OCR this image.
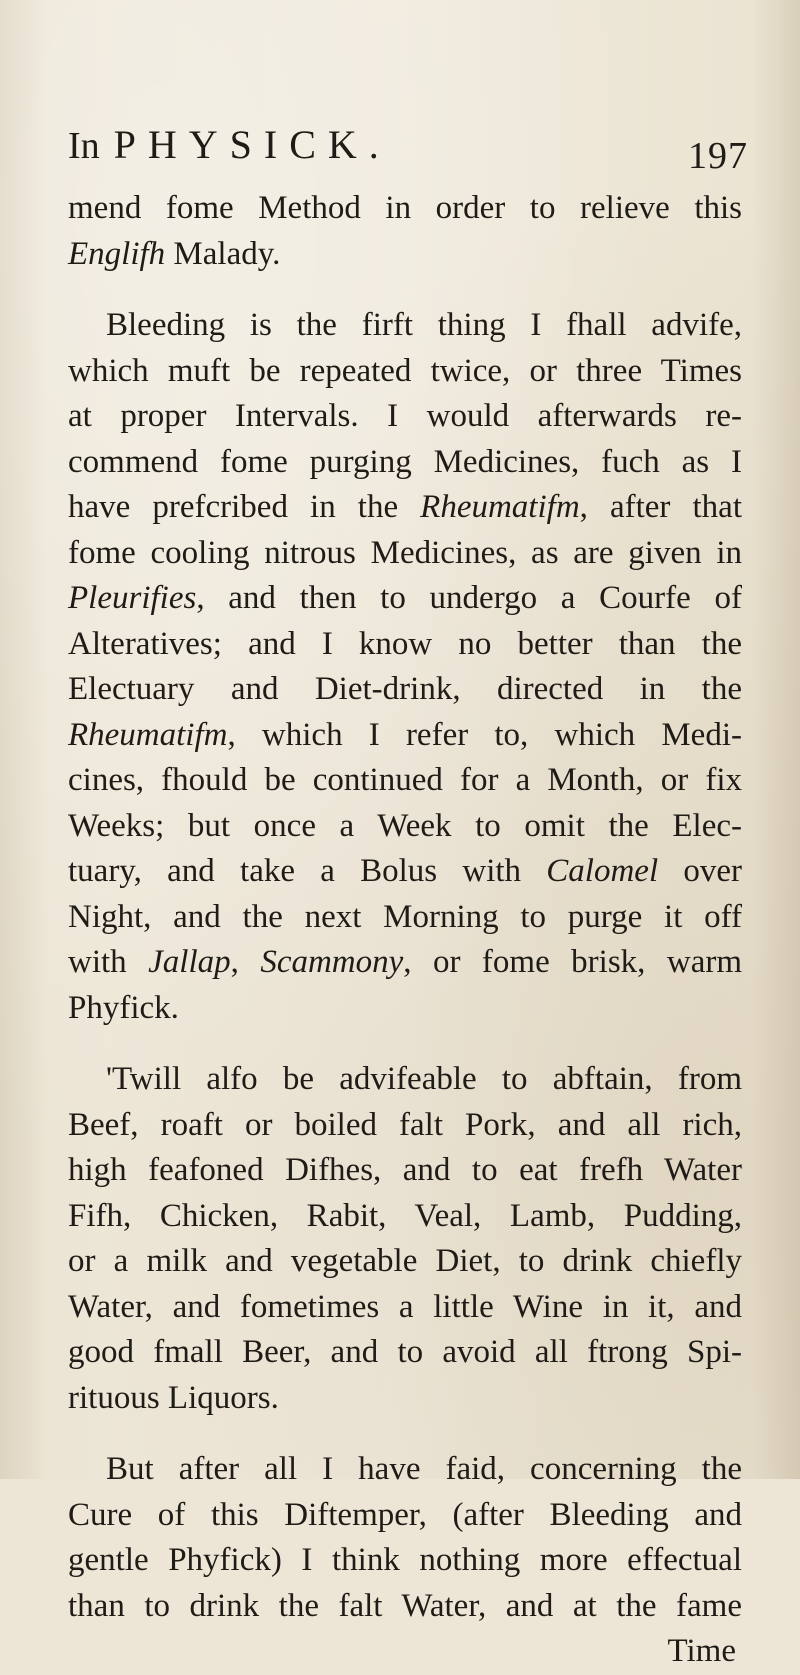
In PHYSICK.	197
mend fome Method in order to relieve this
Englifh Malady.
Bleeding is the firft thing I fhall advife,
which muft be repeated twice, or three Times
at proper Intervals. I would afterwards re-
commend fome purging Medicines, fuch as I
have prefcribed in the Rheumatifm, after that
fome cooling nitrous Medicines, as are given in
Pleurifies, and then to undergo a Courfe of
Alteratives; and I know no better than the
Electuary and Diet-drink, directed in the
Rheumatifm, which I refer to, which Medi-
cines, fhould be continued for a Month, or fix
Weeks; but once a Week to omit the Elec-
tuary, and take a Bolus with Calomel over
Night, and the next Morning to purge it off
with Jallap, Scammony, or fome brisk, warm
Phyfick.
'Twill alfo be advifeable to abftain, from
Beef, roaft or boiled falt Pork, and all rich,
high feafoned Difhes, and to eat frefh Water
Fifh, Chicken, Rabit, Veal, Lamb, Pudding,
or a milk and vegetable Diet, to drink chiefly
Water, and fometimes a little Wine in it, and
good fmall Beer, and to avoid all ftrong Spi-
rituous Liquors.
But after all I have faid, concerning the
Cure of this Diftemper, (after Bleeding and
gentle Phyfick) I think nothing more effectual
than to drink the falt Water, and at the fame
Time
